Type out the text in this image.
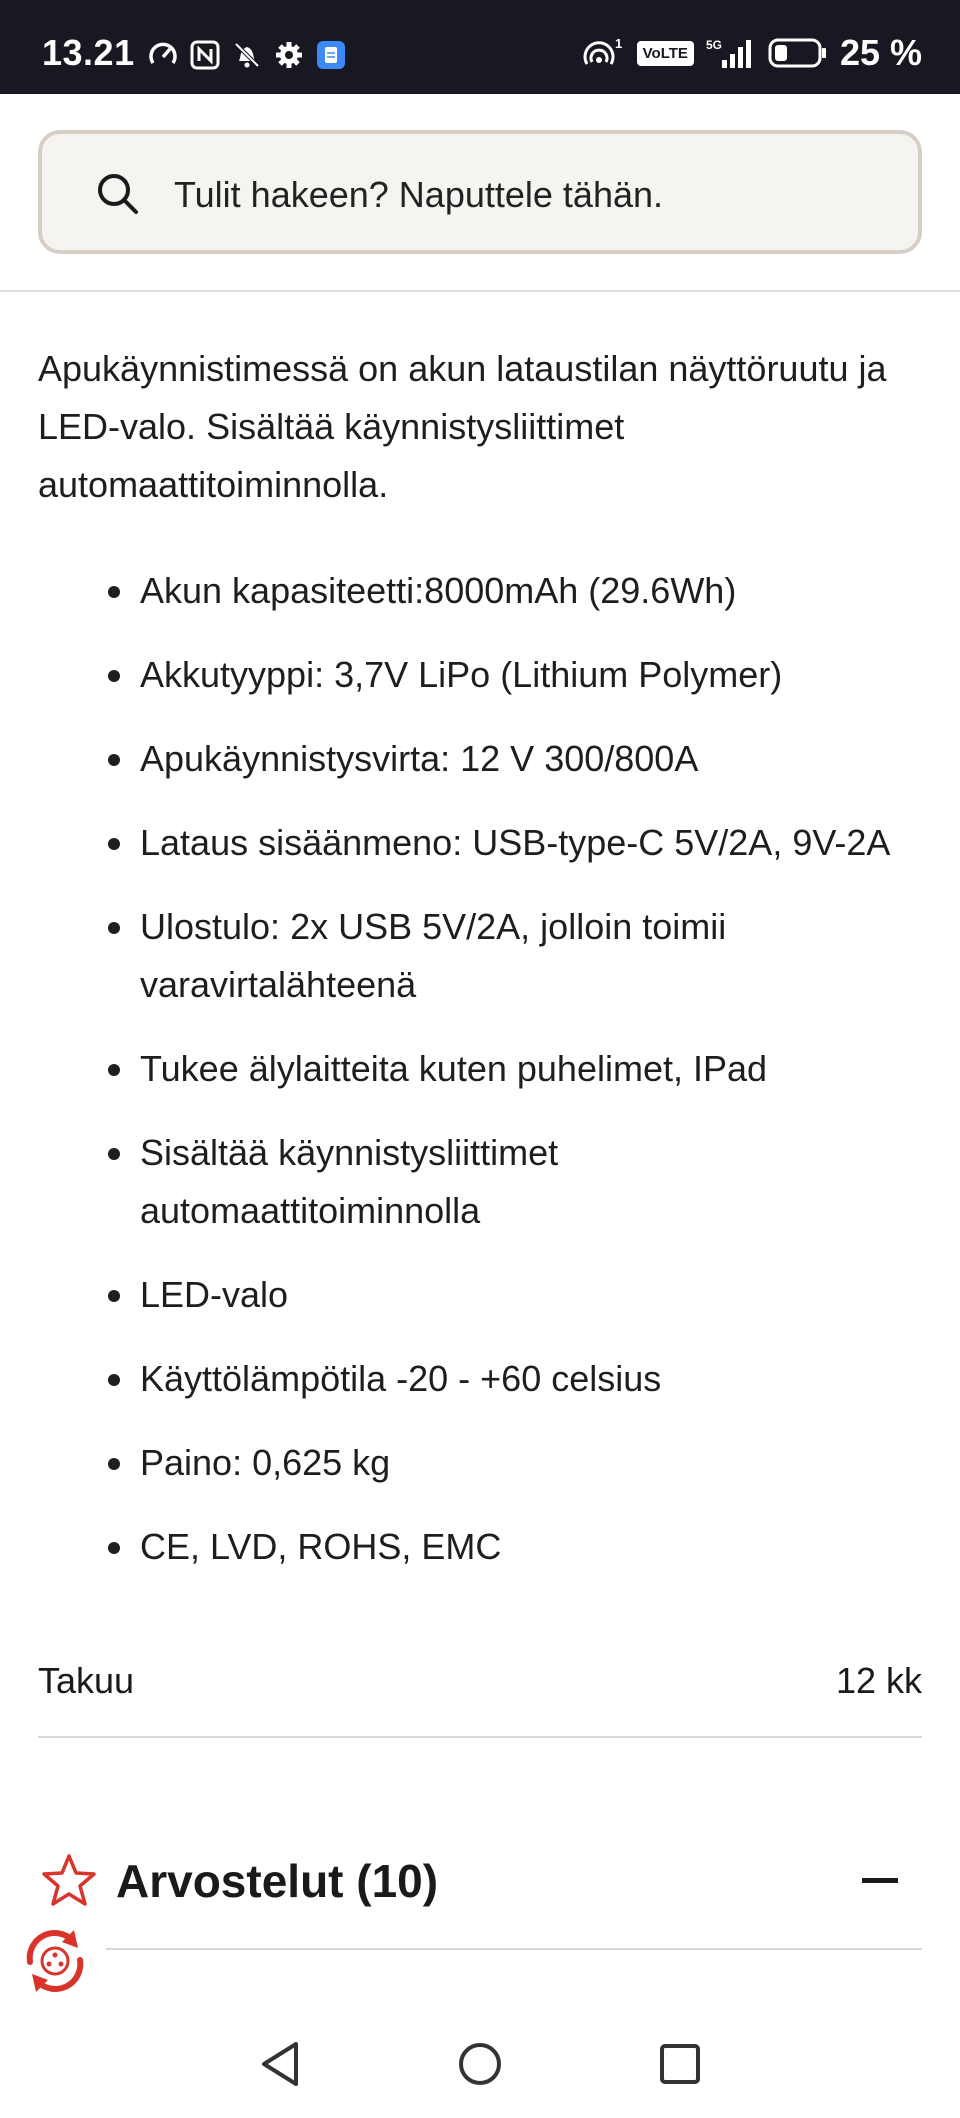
13.21	1
VoLTE	5G	25 %
Tulit hakeen? Naputtele tähän.

Apukäynnistimessä on akun lataustilan näyttöruutu ja LED-valo. Sisältää käynnistysliittimet automaattitoiminnolla.

Akun kapasiteetti:8000mAh (29.6Wh)
Akkutyyppi: 3,7V LiPo (Lithium Polymer)
Apukäynnistysvirta: 12 V 300/800A
Lataus sisäänmeno: USB-type-C 5V/2A, 9V-2A
Ulostulo: 2x USB 5V/2A, jolloin toimii varavirtalähteenä
Tukee älylaitteita kuten puhelimet, IPad
Sisältää käynnistysliittimet automaattitoiminnolla
LED-valo
Käyttölämpötila -20 - +60 celsius
Paino: 0,625 kg
CE, LVD, ROHS, EMC
Takuu	12 kk
Arvostelut (10)
